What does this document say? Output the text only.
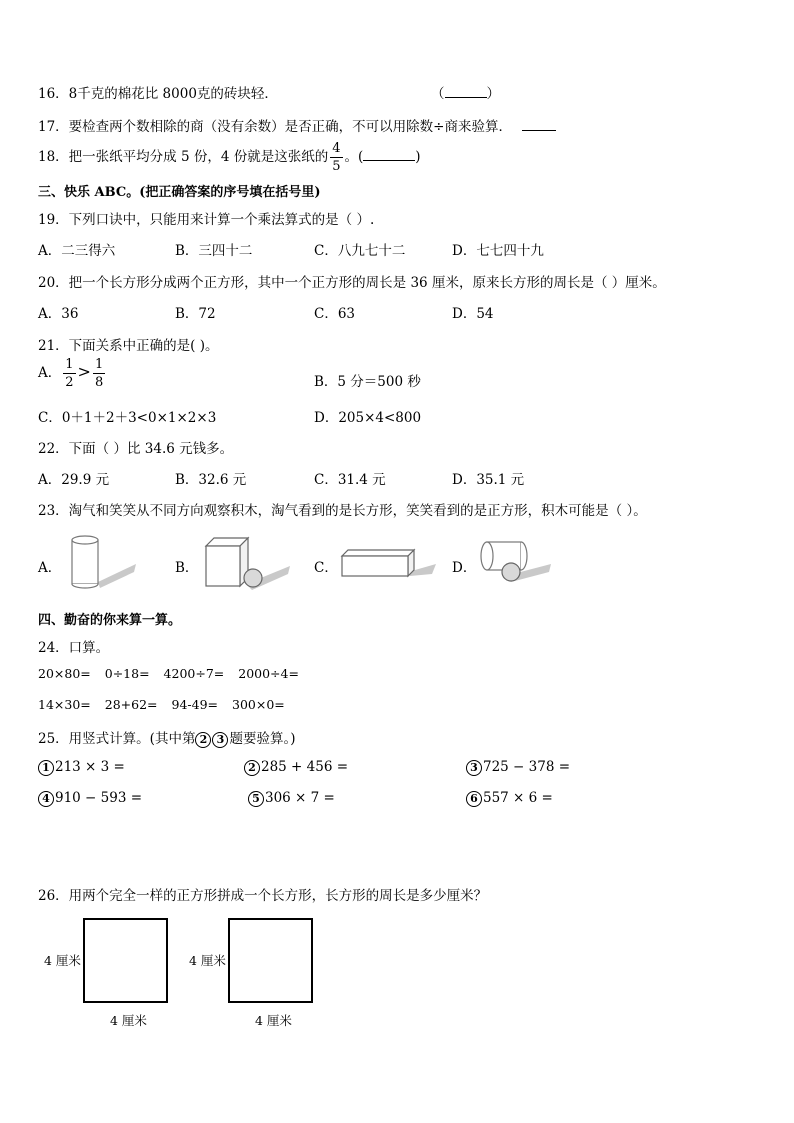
16．8千克的棉花比 8000克的砖块轻．	（	）
17．要检查两个数相除的商（没有余数）是否正确，不可以用除数÷商来验算．
18．把一张纸平均分成 5 份，4 份就是这张纸的 $\frac{4}{5}$ 。(	)
三、快乐 ABC。(把正确答案的序号填在括号里)
19．下列口诀中，只能用来计算一个乘法算式的是（ ）.
A．二三得六	B．三四十二	C．八九七十二	D．七七四十九
20．把一个长方形分成两个正方形，其中一个正方形的周长是 36 厘米，原来长方形的周长是（ ）厘米。
A．36	B．72	C．63	D．54
21．下面关系中正确的是( )。
A． $\frac{1}{2} > \frac{1}{8}$	B．5 分＝500 秒
C．0＋1＋2＋3<0×1×2×3	D．205×4<800
22．下面（ ）比 34.6 元钱多。
A．29.9 元	B．32.6 元	C．31.4 元	D．35.1 元
23．淘气和笑笑从不同方向观察积木，淘气看到的是长方形，笑笑看到的是正方形，积木可能是（ ）。
A．	B．	C．	D．
四、勤奋的你来算一算。
24．口算。
20×80= 0÷18= 4200÷7= 2000÷4=
14×30= 28+62= 94-49= 300×0=
25．用竖式计算。(其中第 2 3 题要验算。)
1 213 × 3 =	2 285 + 456 =	3 725 − 378 =
4 910 − 593 =	5 306 × 7 =	6 557 × 6 =
26．用两个完全一样的正方形拼成一个长方形，长方形的周长是多少厘米？
4 厘米
4 厘米
4 厘米
4 厘米
